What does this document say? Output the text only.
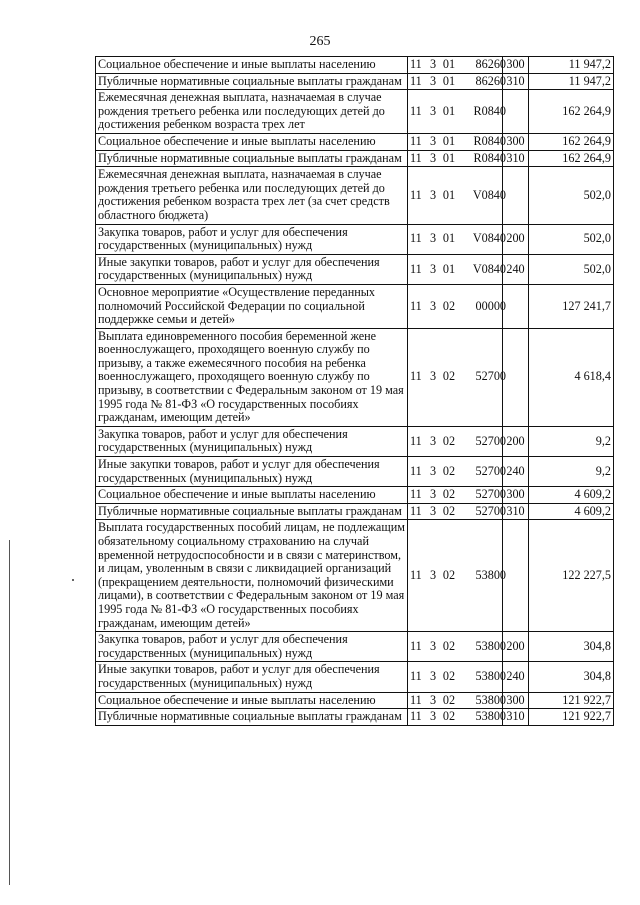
265
Социальное обеспечение и иные выплаты населению	11 3 01 86260	300	11 947,2
Публичные нормативные социальные выплаты гражданам	11 3 01 86260	310	11 947,2
Ежемесячная денежная выплата, назначаемая в случае рождения третьего ребенка или последующих детей до достижения ребенком возраста трех лет	11 3 01 R0840		162 264,9
Социальное обеспечение и иные выплаты населению	11 3 01 R0840	300	162 264,9
Публичные нормативные социальные выплаты гражданам	11 3 01 R0840	310	162 264,9
Ежемесячная денежная выплата, назначаемая в случае рождения третьего ребенка или последующих детей до достижения ребенком возраста трех лет (за счет средств областного бюджета)	11 3 01 V0840		502,0
Закупка товаров, работ и услуг для обеспечения государственных (муниципальных) нужд	11 3 01 V0840	200	502,0
Иные закупки товаров, работ и услуг для обеспечения государственных (муниципальных) нужд	11 3 01 V0840	240	502,0
Основное мероприятие «Осуществление переданных полномочий Российской Федерации по социальной поддержке семьи и детей»	11 3 02 00000		127 241,7
Выплата единовременного пособия беременной жене военнослужащего, проходящего военную службу по призыву, а также ежемесячного пособия на ребенка военнослужащего, проходящего военную службу по призыву, в соответствии с Федеральным законом от 19 мая 1995 года № 81-ФЗ «О государственных пособиях гражданам, имеющим детей»	11 3 02 52700		4 618,4
Закупка товаров, работ и услуг для обеспечения государственных (муниципальных) нужд	11 3 02 52700	200	9,2
Иные закупки товаров, работ и услуг для обеспечения государственных (муниципальных) нужд	11 3 02 52700	240	9,2
Социальное обеспечение и иные выплаты населению	11 3 02 52700	300	4 609,2
Публичные нормативные социальные выплаты гражданам	11 3 02 52700	310	4 609,2
Выплата государственных пособий лицам, не подлежащим обязательному социальному страхованию на случай временной нетрудоспособности и в связи с материнством, и лицам, уволенным в связи с ликвидацией организаций (прекращением деятельности, полномочий физическими лицами), в соответствии с Федеральным законом от 19 мая 1995 года № 81-ФЗ «О государственных пособиях гражданам, имеющим детей»	11 3 02 53800		122 227,5
Закупка товаров, работ и услуг для обеспечения государственных (муниципальных) нужд	11 3 02 53800	200	304,8
Иные закупки товаров, работ и услуг для обеспечения государственных (муниципальных) нужд	11 3 02 53800	240	304,8
Социальное обеспечение и иные выплаты населению	11 3 02 53800	300	121 922,7
Публичные нормативные социальные выплаты гражданам	11 3 02 53800	310	121 922,7
